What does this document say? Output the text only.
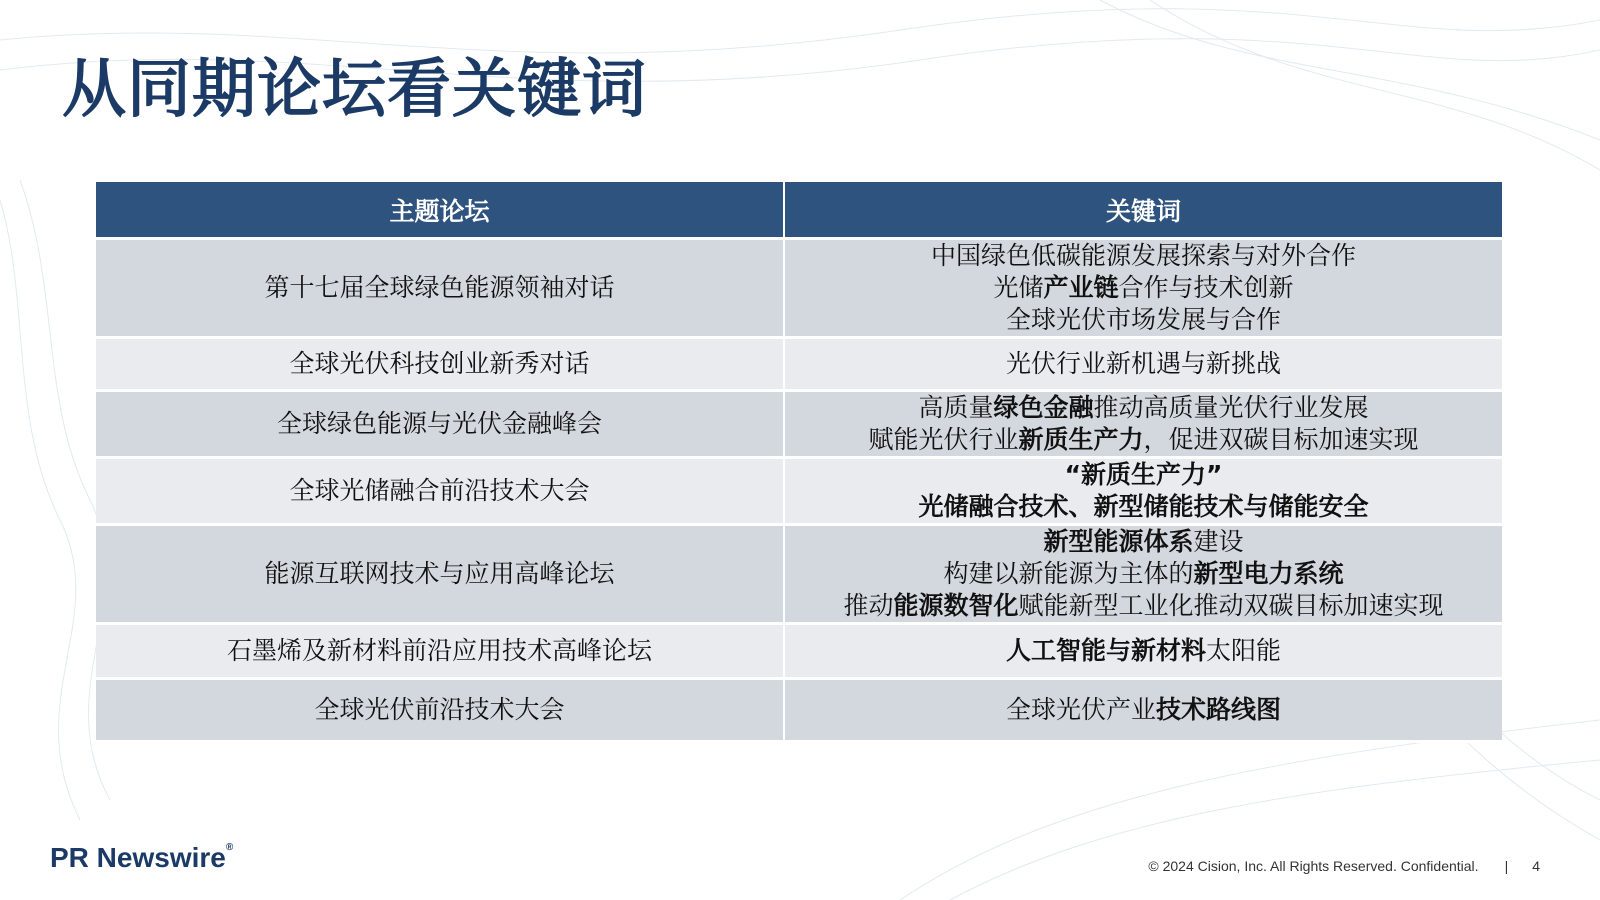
从同期论坛看关键词
主题论坛	关键词
第十七届全球绿色能源领袖对话	中国绿色低碳能源发展探索与对外合作
光储产业链合作与技术创新
全球光伏市场发展与合作

全球光伏科技创业新秀对话	光伏行业新机遇与新挑战

全球绿色能源与光伏金融峰会	高质量绿色金融推动高质量光伏行业发展
赋能光伏行业新质生产力，促进双碳目标加速实现

全球光储融合前沿技术大会	“新质生产力”
光储融合技术、新型储能技术与储能安全

能源互联网技术与应用高峰论坛	新型能源体系建设
构建以新能源为主体的新型电力系统
推动能源数智化赋能新型工业化推动双碳目标加速实现

石墨烯及新材料前沿应用技术高峰论坛	人工智能与新材料太阳能

全球光伏前沿技术大会	全球光伏产业技术路线图
PR Newswire®
© 2024 Cision, Inc. All Rights Reserved. Confidential. | 4
